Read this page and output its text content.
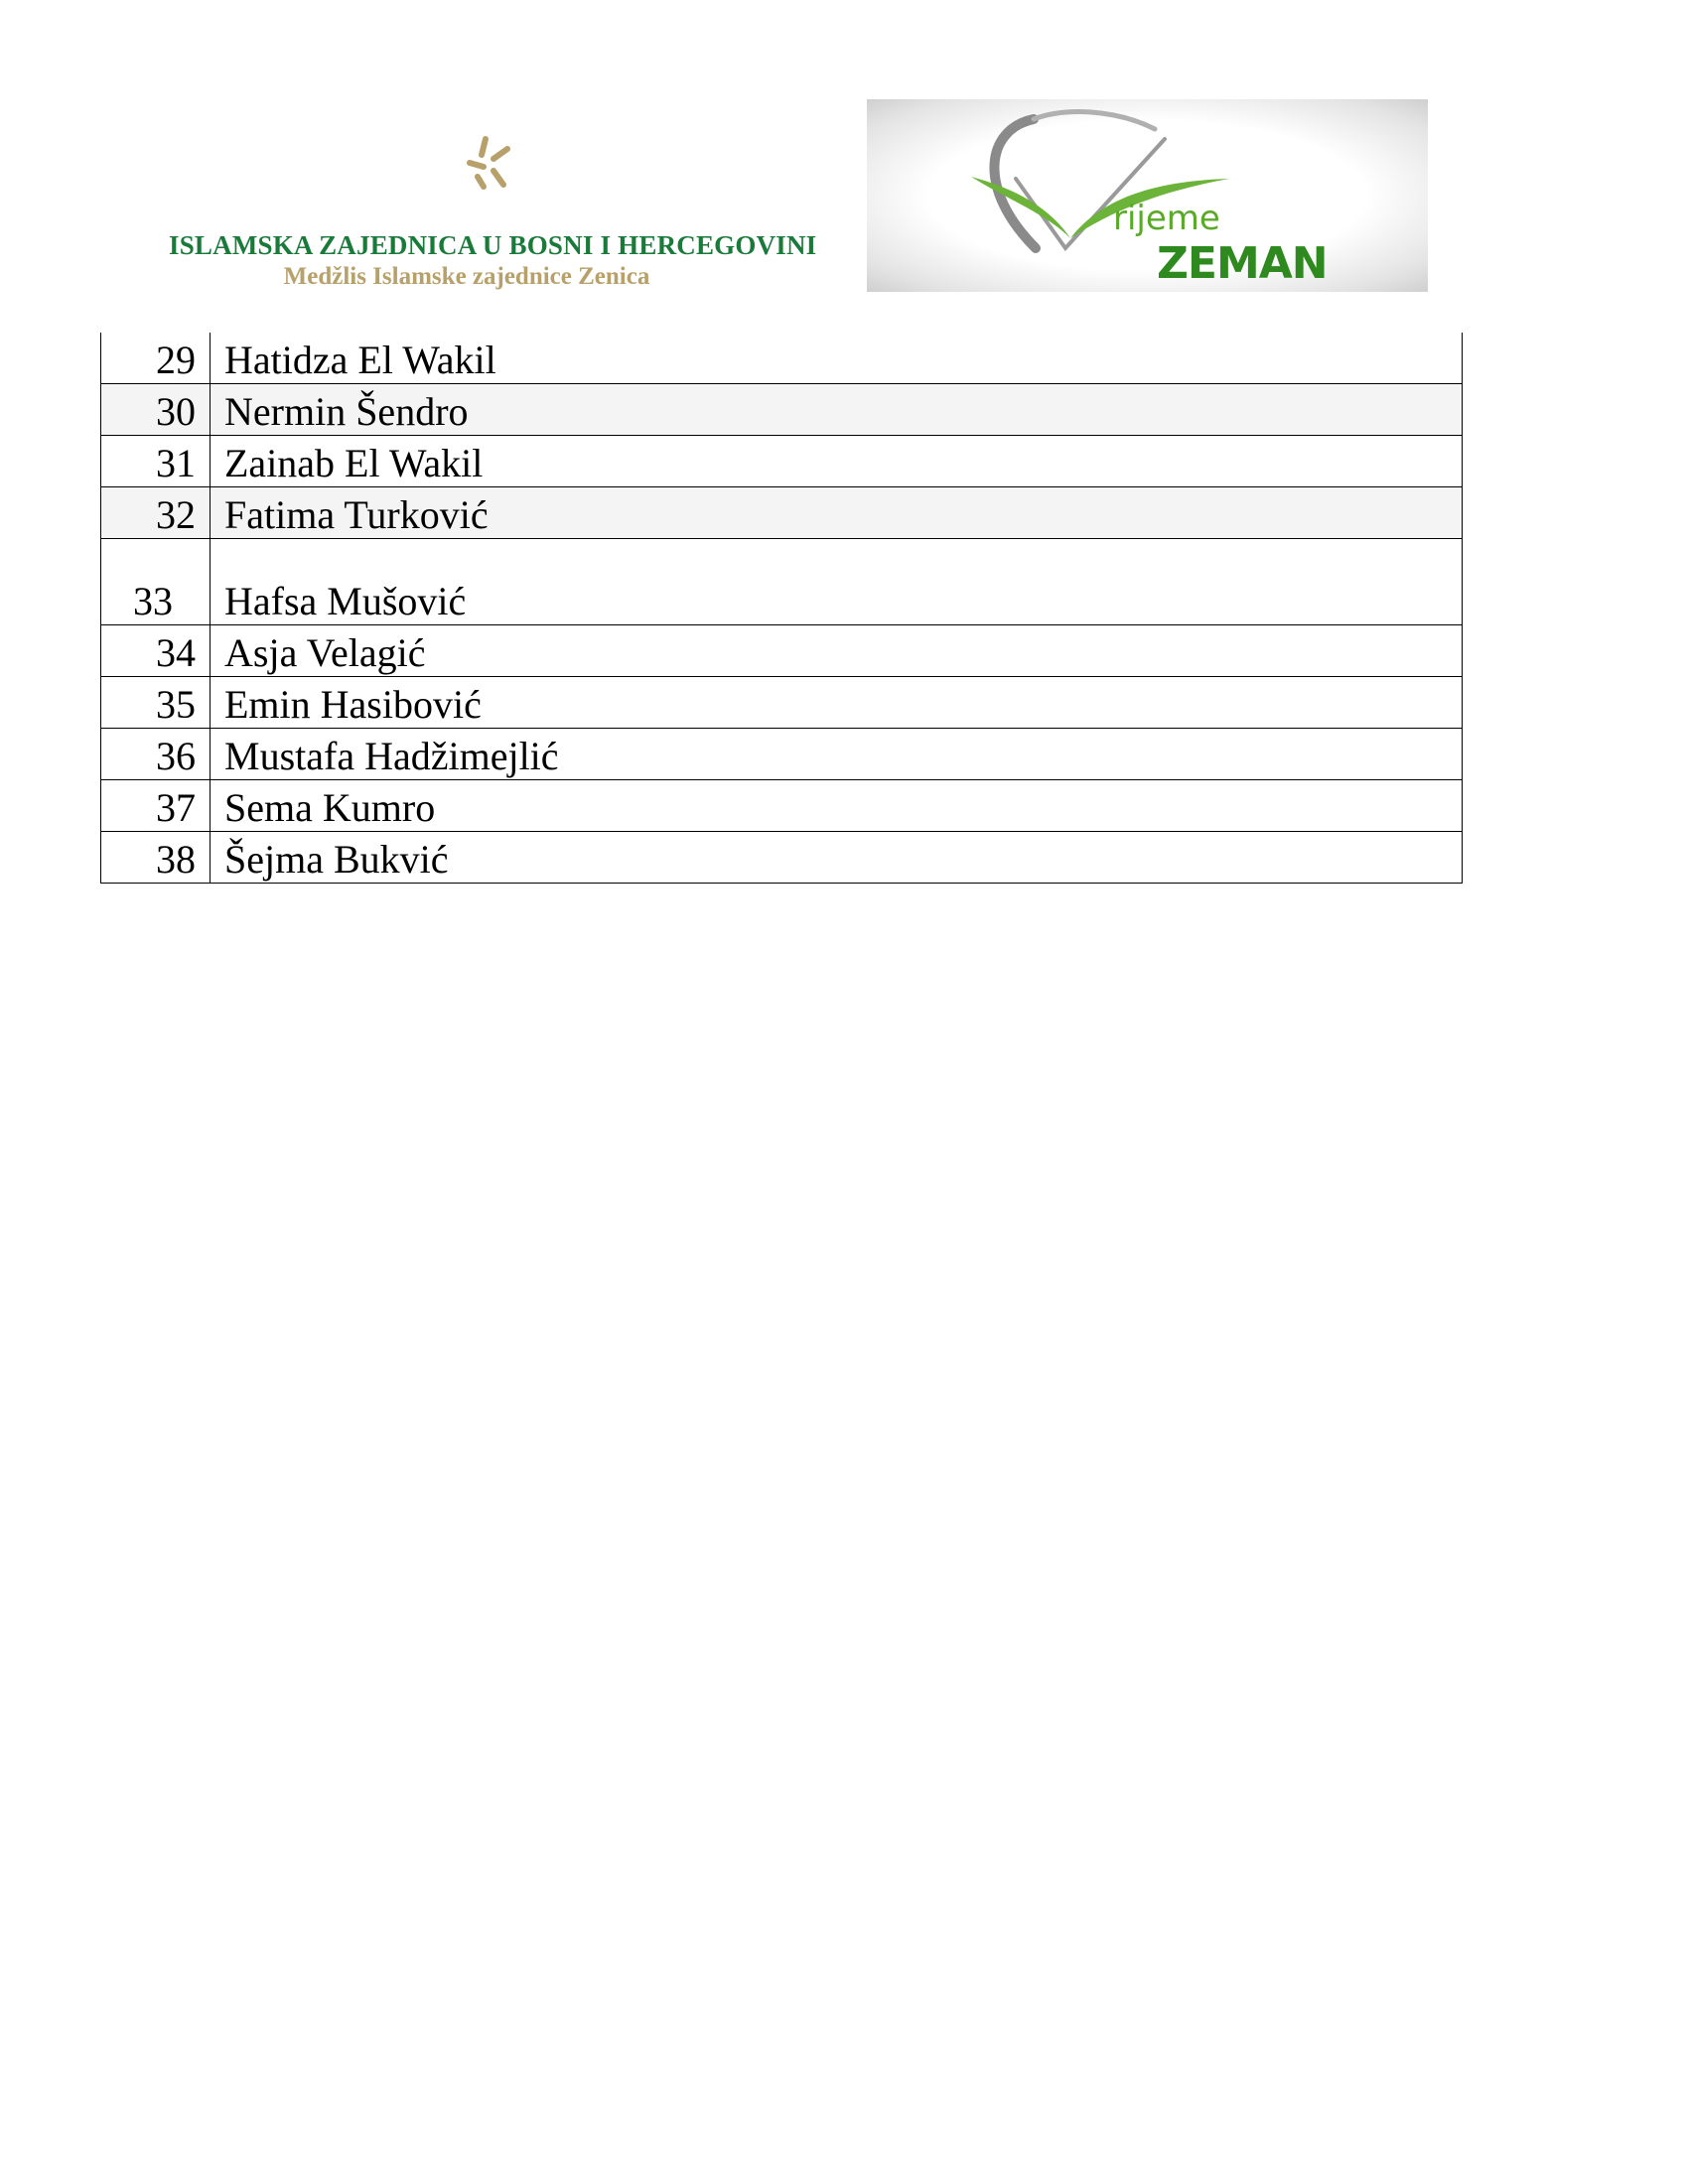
ISLAMSKA ZAJEDNICA U BOSNI I HERCEGOVINI
Medžlis Islamske zajednice Zenica
rijeme
ZEMAN
29	Hatidza El Wakil
30	Nermin Šendro
31	Zainab El Wakil
32	Fatima Turković
33	Hafsa Mušović
34	Asja Velagić
35	Emin Hasibović
36	Mustafa Hadžimejlić
37	Sema Kumro
38	Šejma Bukvić
